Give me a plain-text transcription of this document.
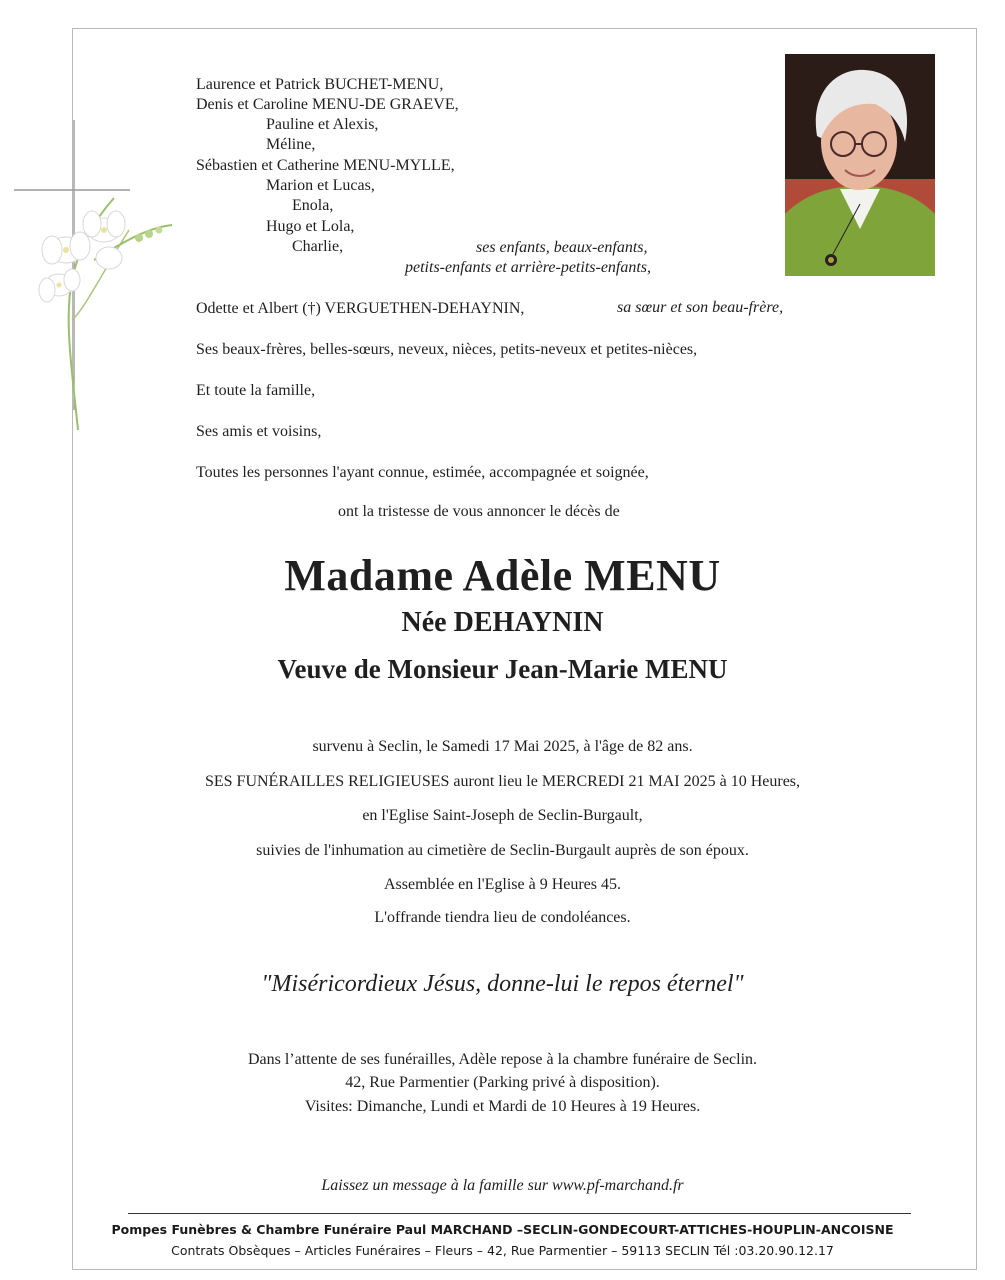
Laurence et Patrick BUCHET-MENU,
Denis et Caroline MENU-DE GRAEVE,
Pauline et Alexis,
Méline,
Sébastien et Catherine MENU-MYLLE,
Marion et Lucas,
Enola,
Hugo et Lola,
Charlie,	ses enfants, beaux-enfants,
petits-enfants et arrière-petits-enfants,
Odette et Albert (†) VERGUETHEN-DEHAYNIN,	sa sœur et son beau-frère,
Ses beaux-frères, belles-sœurs, neveux, nièces, petits-neveux et petites-nièces,
Et toute la famille,
Ses amis et voisins,
Toutes les personnes l'ayant connue, estimée, accompagnée et soignée,
ont la tristesse de vous annoncer le décès de
Madame Adèle MENU
Née DEHAYNIN
Veuve de Monsieur Jean-Marie MENU
survenu à Seclin, le Samedi 17 Mai 2025, à l'âge de 82 ans.
SES FUNÉRAILLES RELIGIEUSES auront lieu le MERCREDI 21 MAI 2025 à 10 Heures,
en l'Eglise Saint-Joseph de Seclin-Burgault,
suivies de l'inhumation au cimetière de Seclin-Burgault auprès de son époux.
Assemblée en l'Eglise à 9 Heures 45.
L'offrande tiendra lieu de condoléances.
"Miséricordieux Jésus, donne-lui le repos éternel"
Dans l’attente de ses funérailles, Adèle repose à la chambre funéraire de Seclin.
42, Rue Parmentier (Parking privé à disposition).
Visites: Dimanche, Lundi et Mardi de 10 Heures à 19 Heures.
Laissez un message à la famille sur www.pf-marchand.fr
Pompes Funèbres & Chambre Funéraire Paul MARCHAND –SECLIN-GONDECOURT-ATTICHES-HOUPLIN-ANCOISNE
Contrats Obsèques – Articles Funéraires – Fleurs – 42, Rue Parmentier – 59113 SECLIN Tél :03.20.90.12.17
